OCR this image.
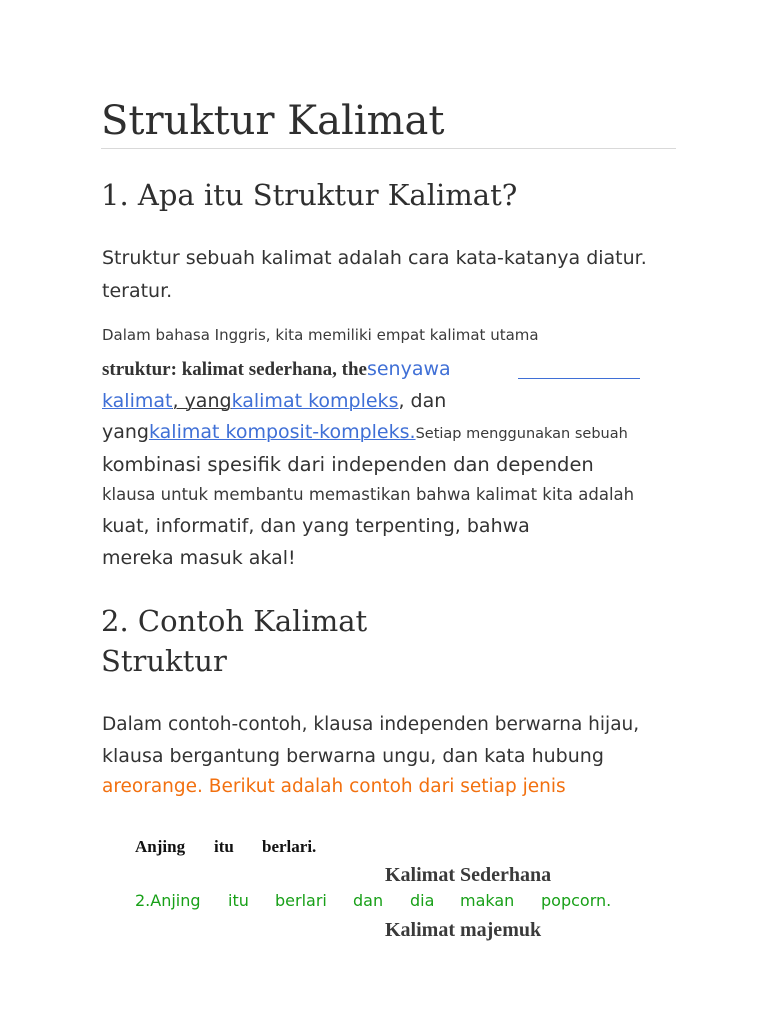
Struktur Kalimat
1. Apa itu Struktur Kalimat?
Struktur sebuah kalimat adalah cara kata-katanya diatur.
teratur.
Dalam bahasa Inggris, kita memiliki empat kalimat utama
struktur: kalimat sederhana, thesenyawa
kalimat, yangkalimat kompleks, dan
yangkalimat komposit-kompleks.Setiap menggunakan sebuah
kombinasi spesifik dari independen dan dependen
klausa untuk membantu memastikan bahwa kalimat kita adalah
kuat, informatif, dan yang terpenting, bahwa
mereka masuk akal!
2. Contoh Kalimat
Struktur
Dalam contoh-contoh, klausa independen berwarna hijau,
klausa bergantung berwarna ungu, dan kata hubung
areorange. Berikut adalah contoh dari setiap jenis
Anjing itu berlari.
Kalimat Sederhana
2.Anjing itu berlari dan dia makan popcorn.
Kalimat majemuk
